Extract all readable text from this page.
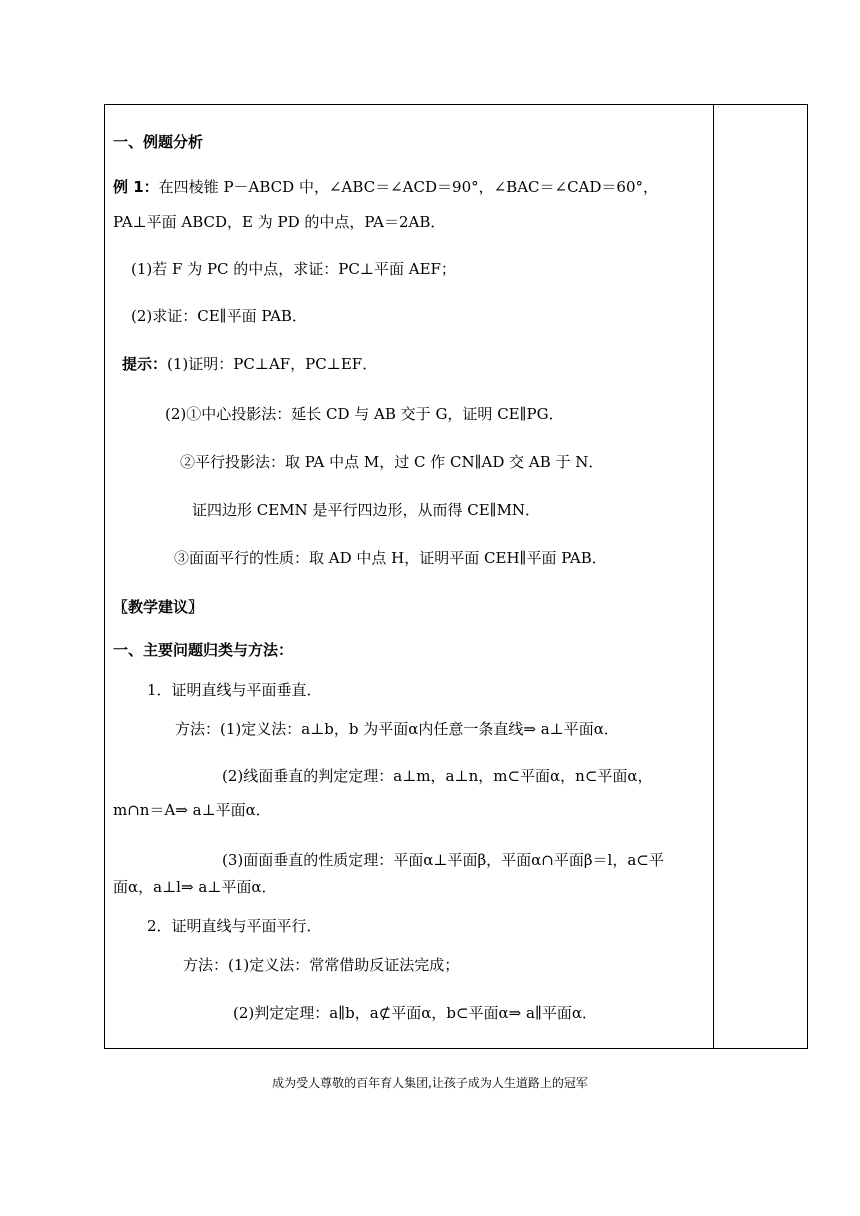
一、例题分析
例 1：在四棱锥 P－ABCD 中，∠ABC＝∠ACD＝90°，∠BAC＝∠CAD＝60°，
PA⊥平面 ABCD，E 为 PD 的中点，PA＝2AB．
(1)若 F 为 PC 的中点，求证：PC⊥平面 AEF；
(2)求证：CE∥平面 PAB．
提示：(1)证明：PC⊥AF，PC⊥EF．
(2)①中心投影法：延长 CD 与 AB 交于 G，证明 CE∥PG．
②平行投影法：取 PA 中点 M，过 C 作 CN∥AD 交 AB 于 N．
证四边形 CEMN 是平行四边形，从而得 CE∥MN．
③面面平行的性质：取 AD 中点 H，证明平面 CEH∥平面 PAB．
〖教学建议〗
一、主要问题归类与方法：
1．证明直线与平面垂直．
方法：(1)定义法：a⊥b，b 为平面α内任意一条直线⇒ a⊥平面α．
(2)线面垂直的判定定理：a⊥m，a⊥n，m⊂平面α，n⊂平面α，
m∩n＝A⇒ a⊥平面α．
(3)面面垂直的性质定理：平面α⊥平面β，平面α∩平面β＝l，a⊂平
面α，a⊥l⇒ a⊥平面α．
2．证明直线与平面平行．
方法：(1)定义法：常常借助反证法完成；
(2)判定定理：a∥b，a⊄平面α，b⊂平面α⇒ a∥平面α．
成为受人尊敬的百年育人集团,让孩子成为人生道路上的冠军
